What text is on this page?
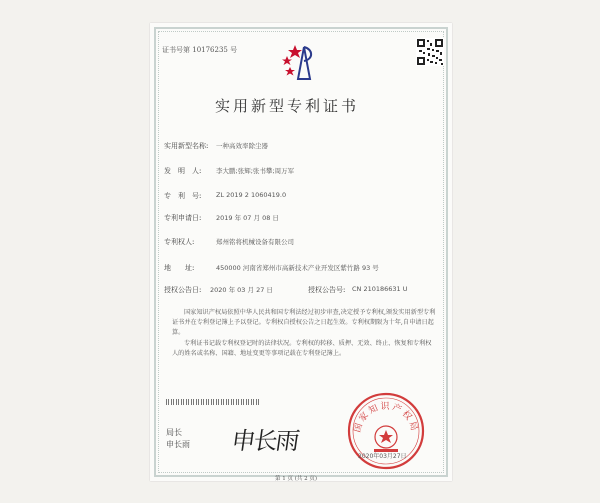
证书号第 10176235 号
实用新型专利证书
实用新型名称: 一种高效率除尘器
发　明　人: 李大鹏;张辉;张书攀;周万军
专　利　号: ZL 2019 2 1060419.0
专利申请日: 2019 年 07 月 08 日
专利权人:	郑州铭将机械设备有限公司
地　　址:	450000 河南省郑州市高新技术产业开发区紫竹路 93 号
授权公告日: 2020 年 03 月 27 日	授权公告号: CN 210186631 U
国家知识产权局依照中华人民共和国专利法经过初步审查,决定授予专利权,颁发实用新型专利证书并在专利登记簿上予以登记。专利权自授权公告之日起生效。专利权期限为十年,自申请日起算。
专利证书记载专利权登记时的法律状况。专利权的转移、质押、无效、终止、恢复和专利权人的姓名或名称、国籍、地址变更等事项记载在专利登记簿上。
局长
申长雨 申长雨	国家知识产权局
2020年03月27日
第 1 页 (共 2 页)
